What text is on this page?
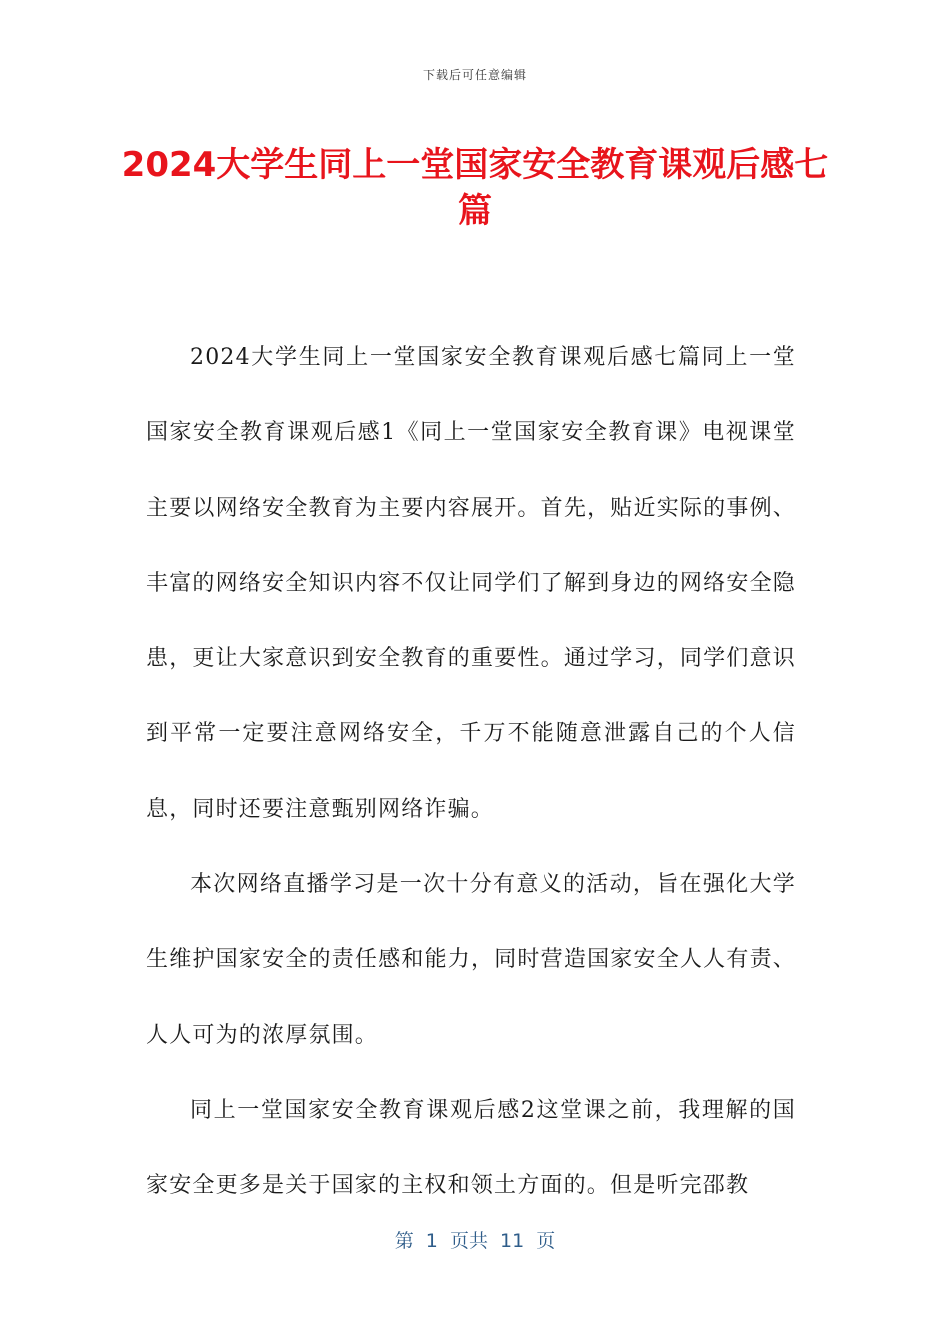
下载后可任意编辑
2024大学生同上一堂国家安全教育课观后感七篇

2024大学生同上一堂国家安全教育课观后感七篇同上一堂国家安全教育课观后感1《同上一堂国家安全教育课》电视课堂主要以网络安全教育为主要内容展开。首先，贴近实际的事例、丰富的网络安全知识内容不仅让同学们了解到身边的网络安全隐患，更让大家意识到安全教育的重要性。通过学习，同学们意识到平常一定要注意网络安全，千万不能随意泄露自己的个人信息，同时还要注意甄别网络诈骗。

本次网络直播学习是一次十分有意义的活动，旨在强化大学生维护国家安全的责任感和能力，同时营造国家安全人人有责、人人可为的浓厚氛围。

同上一堂国家安全教育课观后感2这堂课之前，我理解的国家安全更多是关于国家的主权和领土方面的。但是听完邵教

第  1  页共  11  页
